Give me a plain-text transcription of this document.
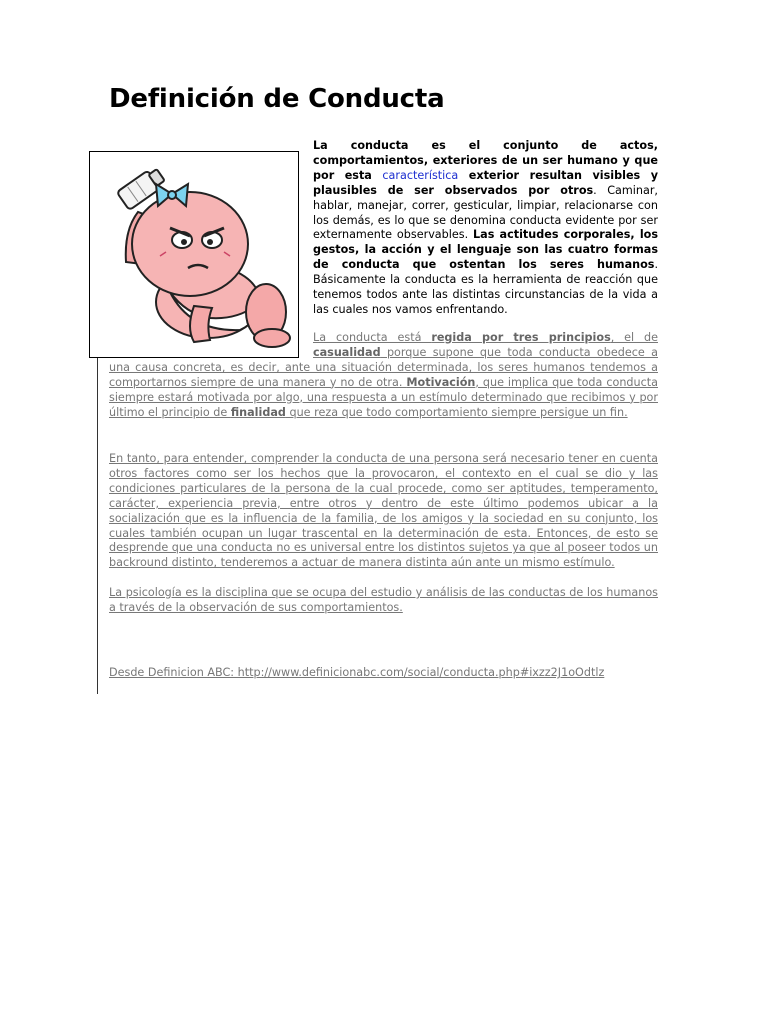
Definición de Conducta
La conducta es el conjunto de actos, comportamientos, exteriores de un ser humano y que por esta característica exterior resultan visibles y plausibles de ser observados por otros. Caminar, hablar, manejar, correr, gesticular, limpiar, relacionarse con los demás, es lo que se denomina conducta evidente por ser externamente observables. Las actitudes corporales, los gestos, la acción y el lenguaje son las cuatro formas de conducta que ostentan los seres humanos. Básicamente la conducta es la herramienta de reacción que tenemos todos ante las distintas circunstancias de la vida a las cuales nos vamos enfrentando.
La conducta está regida por tres principios, el de casualidad porque supone que toda conducta obedece a una causa concreta, es decir, ante una situación determinada, los seres humanos tendemos a comportarnos siempre de una manera y no de otra. Motivación, que implica que toda conducta siempre estará motivada por algo, una respuesta a un estímulo determinado que recibimos y por último el principio de finalidad que reza que todo comportamiento siempre persigue un fin.
En tanto, para entender, comprender la conducta de una persona será necesario tener en cuenta otros factores como ser los hechos que la provocaron, el contexto en el cual se dio y las condiciones particulares de la persona de la cual procede, como ser aptitudes, temperamento, carácter, experiencia previa, entre otros y dentro de este último podemos ubicar a la socialización que es la influencia de la familia, de los amigos y la sociedad en su conjunto, los cuales también ocupan un lugar trascental en la determinación de esta. Entonces, de esto se desprende que una conducta no es universal entre los distintos sujetos ya que al poseer todos un backround distinto, tenderemos a actuar de manera distinta aún ante un mismo estímulo.
La psicología es la disciplina que se ocupa del estudio y análisis de las conductas de los humanos a través de la observación de sus comportamientos.
Desde Definicion ABC: http://www.definicionabc.com/social/conducta.php#ixzz2J1oOdtlz
